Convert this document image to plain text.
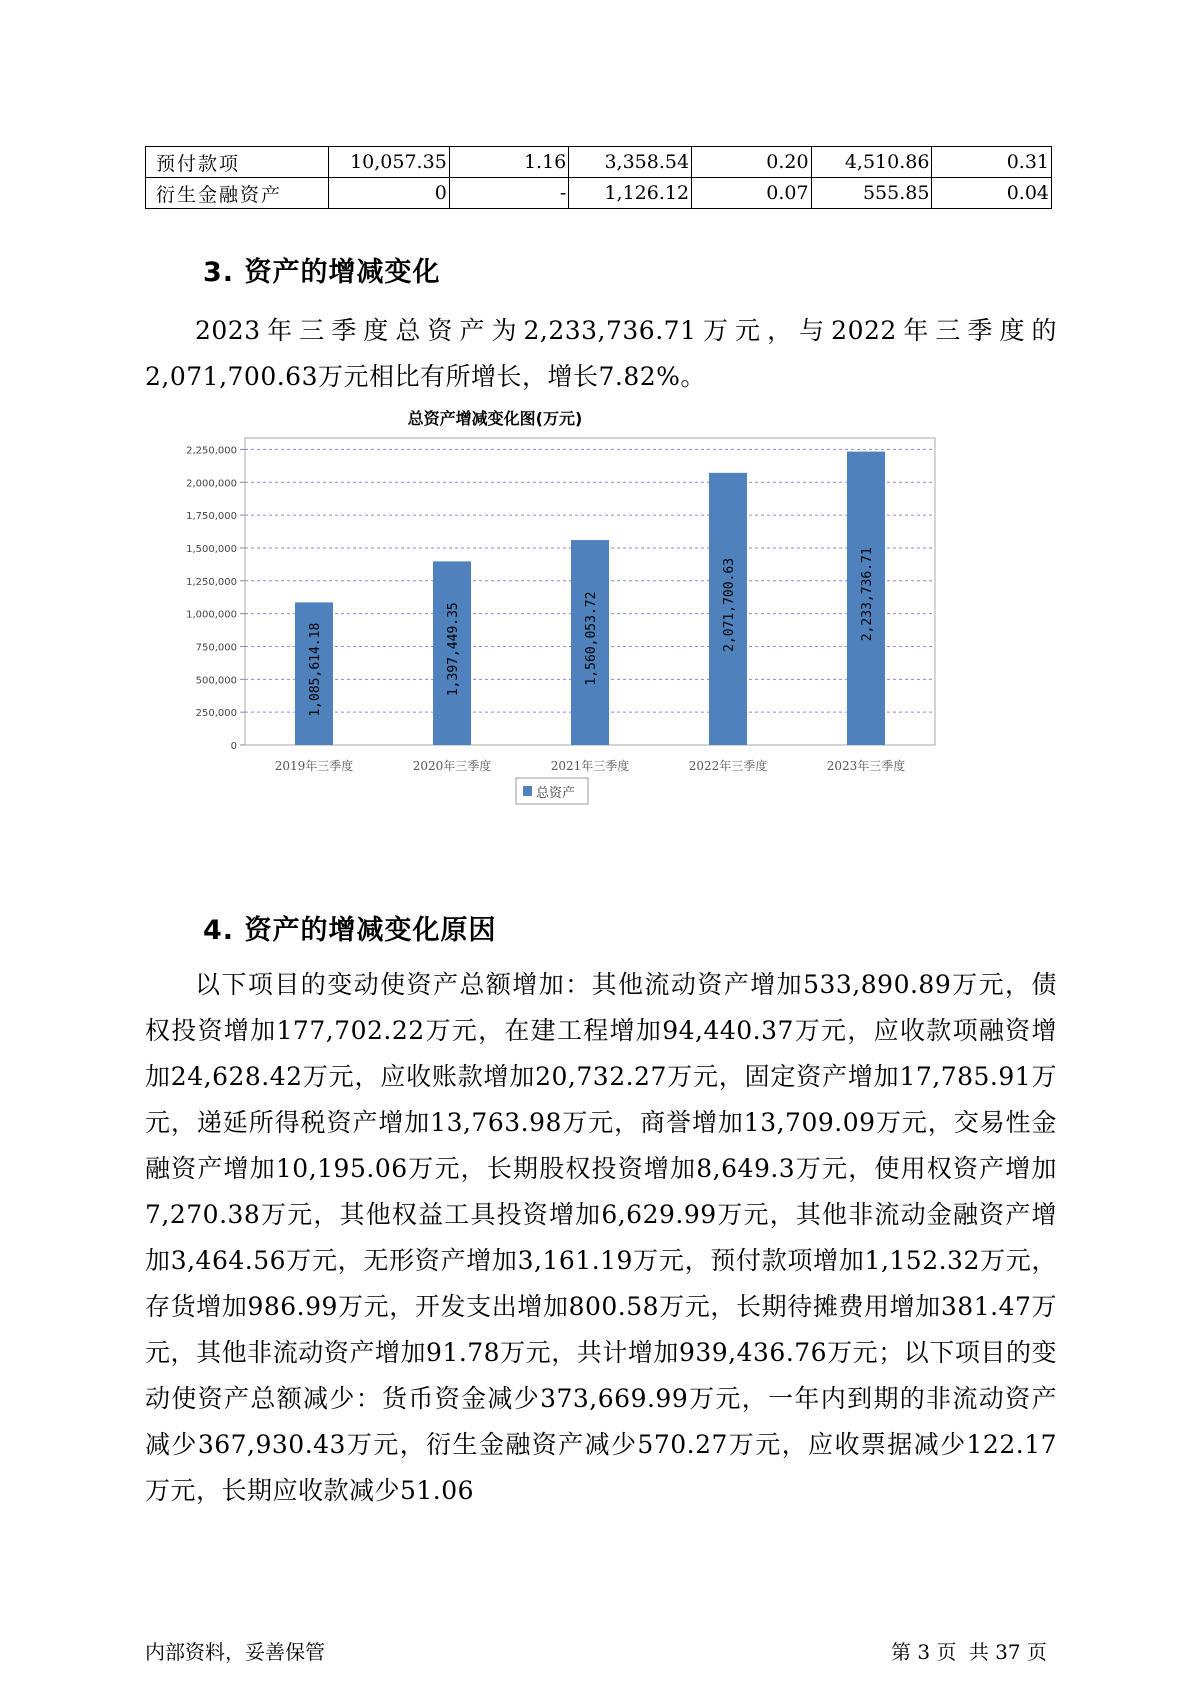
预付款项	10,057.35	1.16	3,358.54	0.20	4,510.86	0.31
衍生金融资产	0	-	1,126.12	0.07	555.85	0.04
3. 资产的增减变化

2023年三季度总资产为2,233,736.71万元，与2022年三季度的2,071,700.63万元相比有所增长，增长7.82%。

总资产增减变化图(万元)
0
250,000
500,000
750,000
1,000,000
1,250,000
1,500,000
1,750,000
2,000,000
2,250,000
1,085,614.18
2019年三季度
1,397,449.35
2020年三季度
1,560,053.72
2021年三季度
2,071,700.63
2022年三季度
2,233,736.71
2023年三季度
总资产
4. 资产的增减变化原因

以下项目的变动使资产总额增加：其他流动资产增加533,890.89万元，债权投资增加177,702.22万元，在建工程增加94,440.37万元，应收款项融资增加24,628.42万元，应收账款增加20,732.27万元，固定资产增加17,785.91万元，递延所得税资产增加13,763.98万元，商誉增加13,709.09万元，交易性金融资产增加10,195.06万元，长期股权投资增加8,649.3万元，使用权资产增加7,270.38万元，其他权益工具投资增加6,629.99万元，其他非流动金融资产增加3,464.56万元，无形资产增加3,161.19万元，预付款项增加1,152.32万元，存货增加986.99万元，开发支出增加800.58万元，长期待摊费用增加381.47万元，其他非流动资产增加91.78万元，共计增加939,436.76万元；以下项目的变动使资产总额减少：货币资金减少373,669.99万元，一年内到期的非流动资产减少367,930.43万元，衍生金融资产减少570.27万元，应收票据减少122.17万元，长期应收款减少51.06

内部资料，妥善保管	第 3 页 共 37 页
